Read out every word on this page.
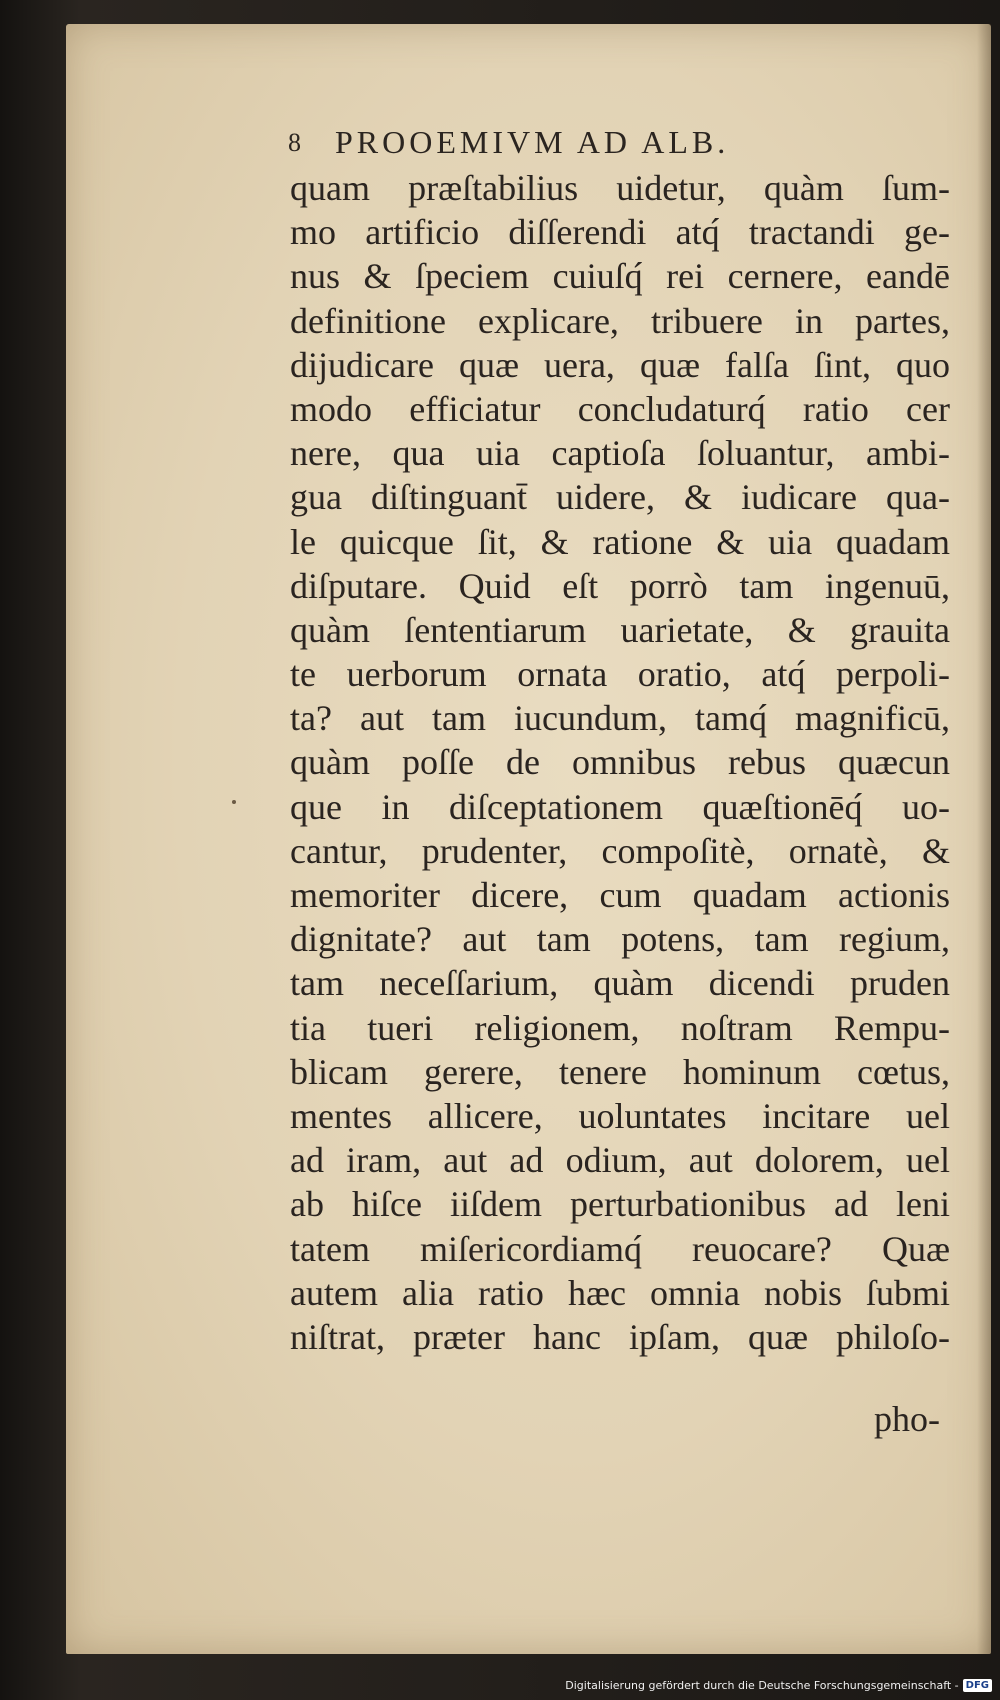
8 PROOEMIVM AD ALB.
quam præſtabilius uidetur, quàm ſum-
mo artificio diſſerendi atq́ tractandi ge-
nus & ſpeciem cuiuſq́ rei cernere, eandē
definitione explicare, tribuere in partes,
dijudicare quæ uera, quæ falſa ſint, quo
modo efficiatur concludaturq́ ratio cer
nere, qua uia captioſa ſoluantur, ambi-
gua diſtinguant̄ uidere, & iudicare qua-
le quicque ſit, & ratione & uia quadam
diſputare. Quid eſt porrò tam ingenuū,
quàm ſententiarum uarietate, & grauita
te uerborum ornata oratio, atq́ perpoli-
ta? aut tam iucundum, tamq́ magnificū,
quàm poſſe de omnibus rebus quæcun
que in diſceptationem quæſtionēq́ uo-
cantur, prudenter, compoſitè, ornatè, &
memoriter dicere, cum quadam actionis
dignitate? aut tam potens, tam regium,
tam neceſſarium, quàm dicendi pruden
tia tueri religionem, noſtram Rempu-
blicam gerere, tenere hominum cœtus,
mentes allicere, uoluntates incitare uel
ad iram, aut ad odium, aut dolorem, uel
ab hiſce iiſdem perturbationibus ad leni
tatem miſericordiamq́ reuocare? Quæ
autem alia ratio hæc omnia nobis ſubmi
niſtrat, præter hanc ipſam, quæ philoſo-
pho-
Digitalisierung gefördert durch die Deutsche Forschungsgemeinschaft - DFG
